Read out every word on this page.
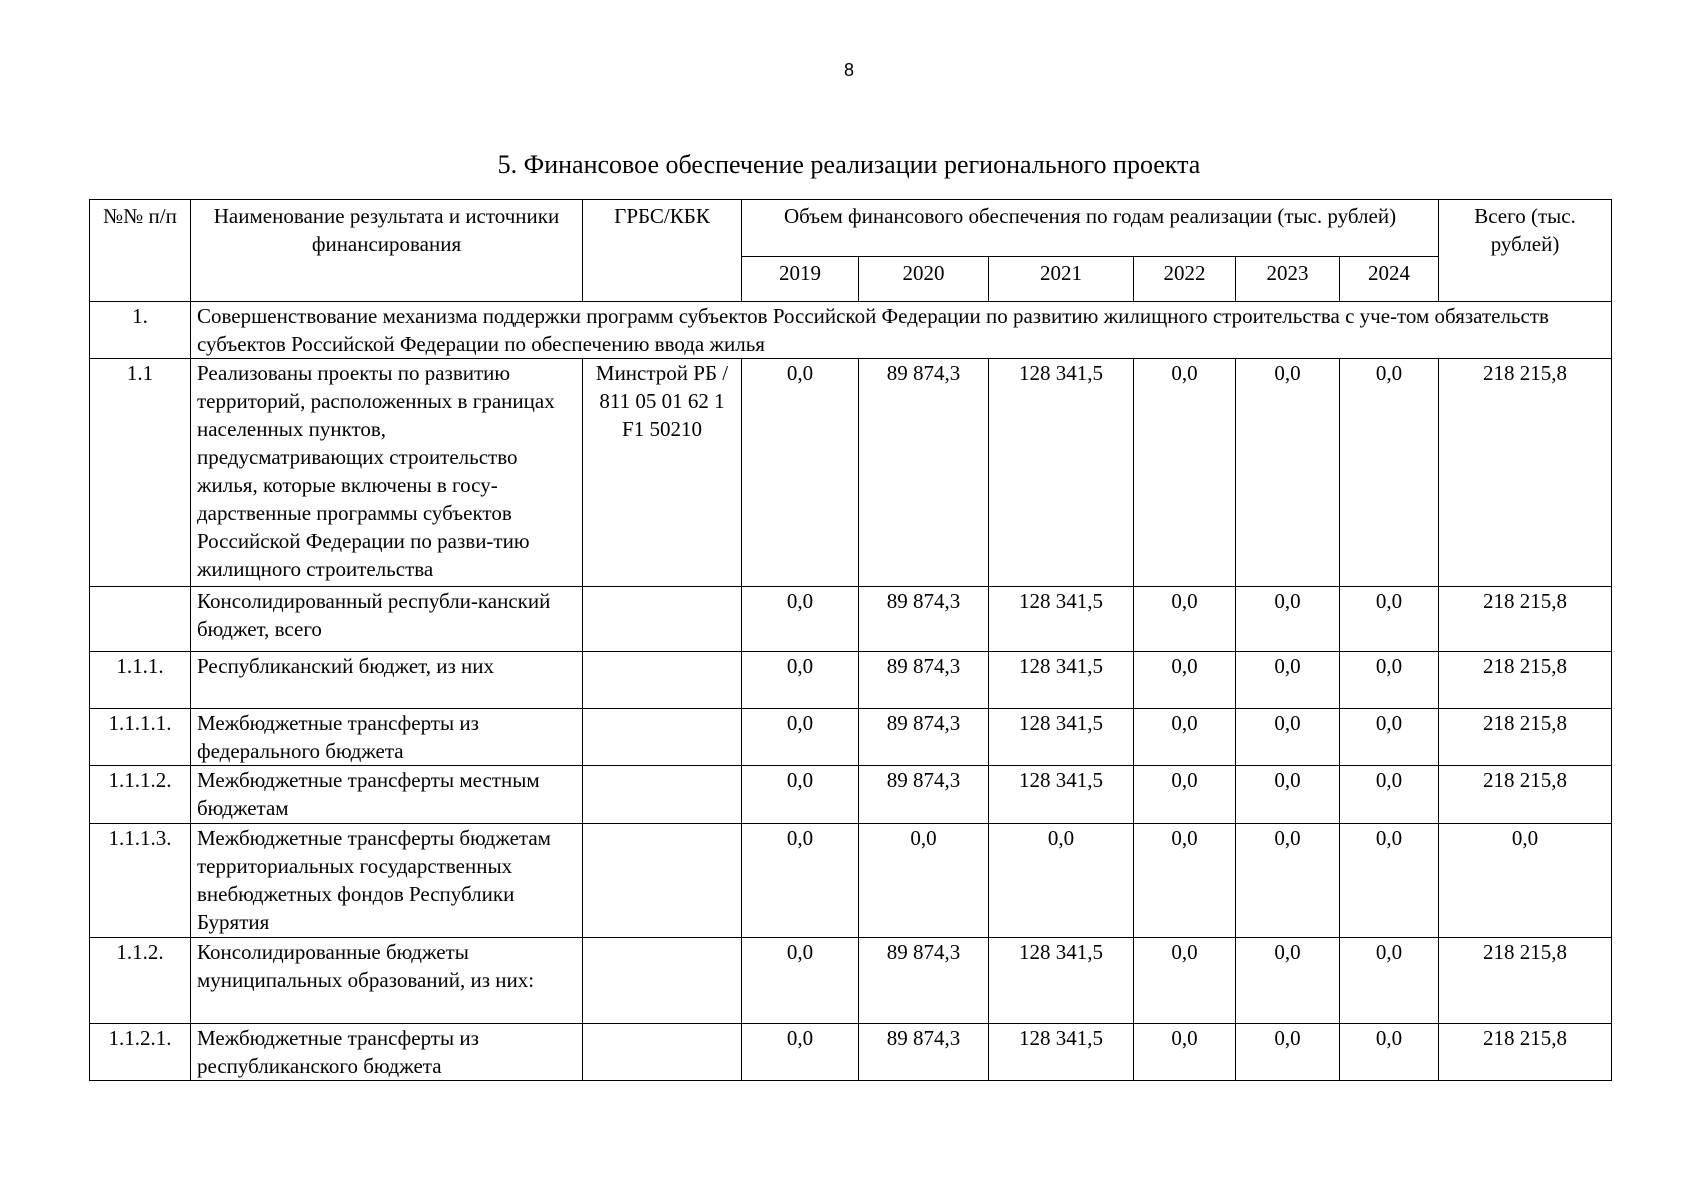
8
5. Финансовое обеспечение реализации регионального проекта
№№ п/п	Наименование результата и источники финансирования	ГРБС/КБК	Объем финансового обеспечения по годам реализации (тыс. рублей)						Всего (тыс. рублей)
			2019	2020	2021	2022	2023	2024	
1.	Совершенствование механизма поддержки программ субъектов Российской Федерации по развитию жилищного строительства с уче-том обязательств субъектов Российской Федерации по обеспечению ввода жилья								
1.1	Реализованы проекты по развитию территорий, расположенных в границах населенных пунктов, предусматривающих строительство жилья, которые включены в госу-дарственные программы субъектов Российской Федерации по разви-тию жилищного строительства	Минстрой РБ / 811 05 01 62 1 F1 50210	0,0	89 874,3	128 341,5	0,0	0,0	0,0	218 215,8
	Консолидированный республи-канский бюджет, всего		0,0	89 874,3	128 341,5	0,0	0,0	0,0	218 215,8
1.1.1.	Республиканский бюджет, из них		0,0	89 874,3	128 341,5	0,0	0,0	0,0	218 215,8
1.1.1.1.	Межбюджетные трансферты из федерального бюджета		0,0	89 874,3	128 341,5	0,0	0,0	0,0	218 215,8
1.1.1.2.	Межбюджетные трансферты местным бюджетам		0,0	89 874,3	128 341,5	0,0	0,0	0,0	218 215,8
1.1.1.3.	Межбюджетные трансферты бюджетам территориальных государственных внебюджетных фондов Республики Бурятия		0,0	0,0	0,0	0,0	0,0	0,0	0,0
1.1.2.	Консолидированные бюджеты муниципальных образований, из них:		0,0	89 874,3	128 341,5	0,0	0,0	0,0	218 215,8
1.1.2.1.	Межбюджетные трансферты из республиканского бюджета		0,0	89 874,3	128 341,5	0,0	0,0	0,0	218 215,8
